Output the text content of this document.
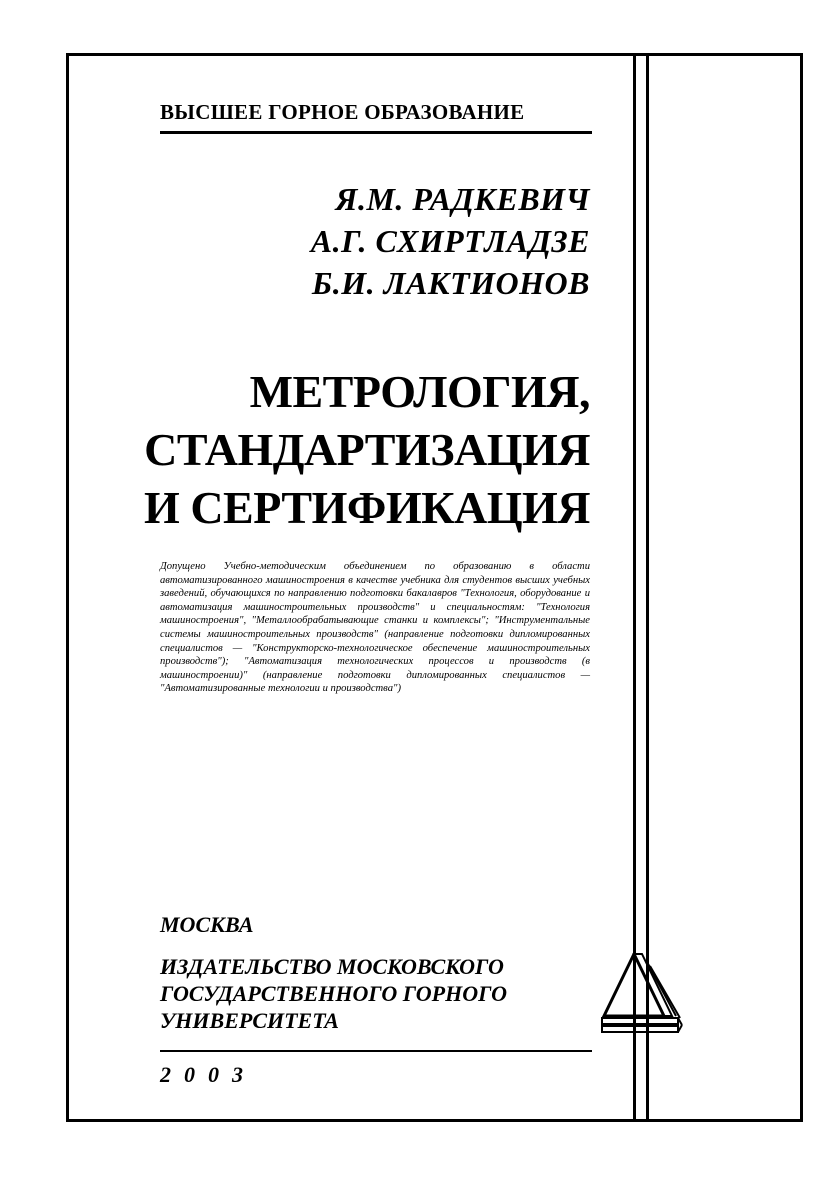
ВЫСШЕЕ ГОРНОЕ ОБРАЗОВАНИЕ
Я.М. РАДКЕВИЧ
А.Г. СХИРТЛАДЗЕ
Б.И. ЛАКТИОНОВ
МЕТРОЛОГИЯ,
СТАНДАРТИЗАЦИЯ
И СЕРТИФИКАЦИЯ
Допущено Учебно-методическим объединением по образованию в области автоматизированного машиностроения в качестве учебника для студентов высших учебных заведений, обучающихся по направлению подготовки бакалавров "Технология, оборудование и автоматизация машиностроительных производств" и специальностям: "Технология машиностроения", "Металлообрабатывающие станки и комплексы"; "Инструментальные системы машиностроительных производств" (направление подготовки дипломированных специалистов — "Конструкторско-технологическое обеспечение машиностроительных производств"); "Автоматизация технологических процессов и производств (в машиностроении)" (направление подготовки дипломированных специалистов — "Автоматизированные технологии и производства")
МОСКВА
ИЗДАТЕЛЬСТВО МОСКОВСКОГО
ГОСУДАРСТВЕННОГО ГОРНОГО
УНИВЕРСИТЕТА
2003
